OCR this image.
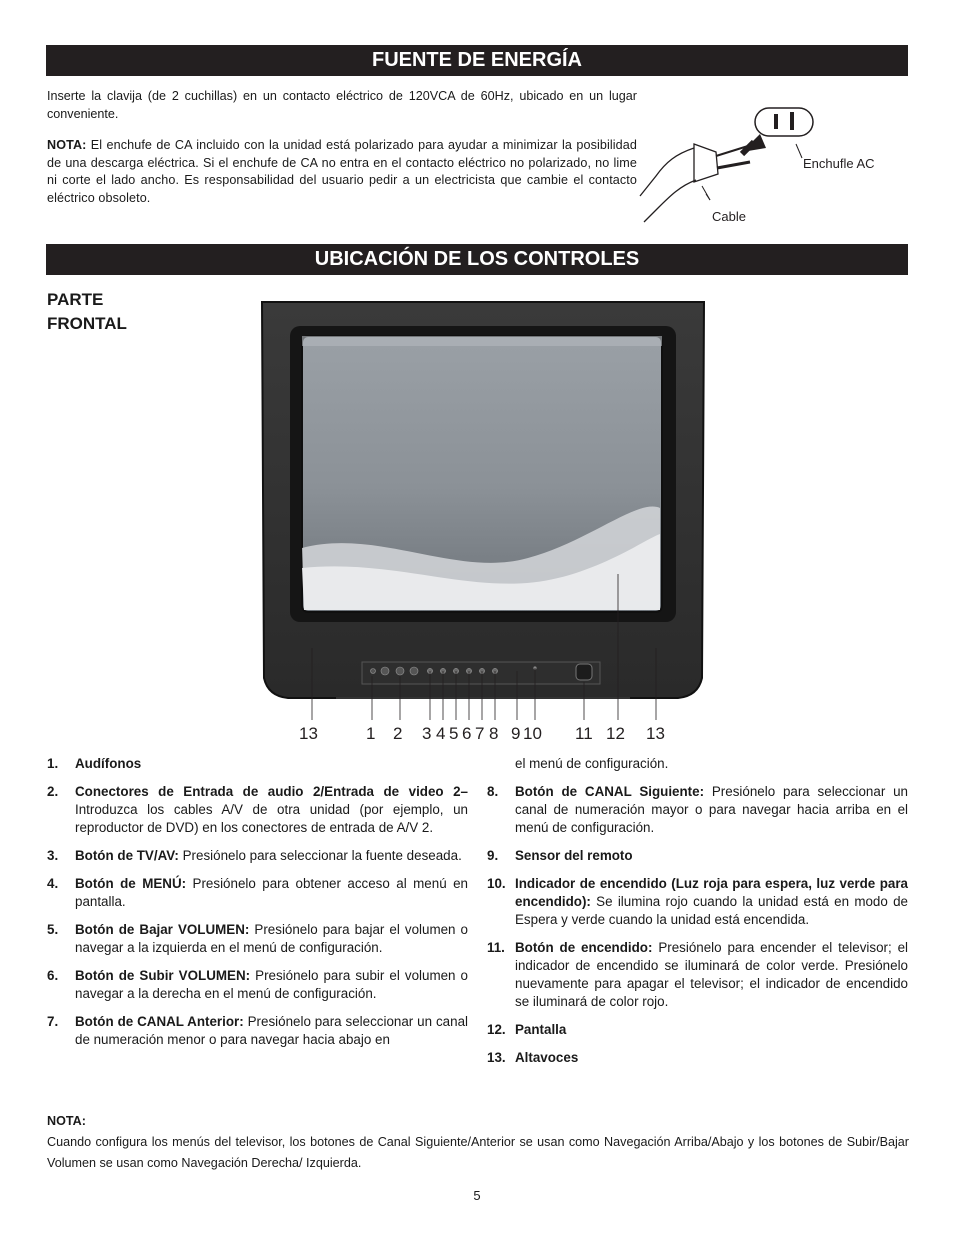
FUENTE DE ENERGÍA
Inserte la clavija (de 2 cuchillas) en un contacto eléctrico de 120VCA de 60Hz, ubicado en un lugar conveniente.
NOTA: El enchufe de CA incluido con la unidad está polarizado para ayudar a minimizar la posibilidad de una descarga eléctrica. Si el enchufe de CA no entra en el contacto eléctrico no polarizado, no lime ni corte el lado ancho. Es responsabilidad del usuario pedir a un electricista que cambie el contacto eléctrico obsoleto.
Enchufle AC
Cable
UBICACIÓN DE LOS CONTROLES
PARTE
FRONTAL
13	1 2 3 4 5 6 7 8 9 10 11 12 13
1.	Audífonos
2.	Conectores de Entrada de audio 2/Entrada de video 2–Introduzca los cables A/V de otra unidad (por ejemplo, un reproductor de DVD) en los conectores de entrada de A/V 2.
3.	Botón de TV/AV: Presiónelo para seleccionar la fuente deseada.
4.	Botón de MENÚ: Presiónelo para obtener acceso al menú en pantalla.
5.	Botón de Bajar VOLUMEN: Presiónelo para bajar el volumen o navegar a la izquierda en el menú de configuración.
6.	Botón de Subir VOLUMEN: Presiónelo para subir el volumen o navegar a la derecha en el menú de configuración.
7.	Botón de CANAL Anterior: Presiónelo para seleccionar un canal de numeración menor o para navegar hacia abajo en
el menú de configuración.
8.	Botón de CANAL Siguiente: Presiónelo para seleccionar un canal de numeración mayor o para navegar hacia arriba en el menú de configuración.
9.	Sensor del remoto
10. Indicador de encendido (Luz roja para espera, luz verde para encendido): Se ilumina rojo cuando la unidad está en modo de Espera y verde cuando la unidad está encendida.
11. Botón de encendido: Presiónelo para encender el televisor; el indicador de encendido se iluminará de color verde. Presiónelo nuevamente para apagar el televisor; el indicador de encendido se iluminará de color rojo.
12. Pantalla
13. Altavoces
NOTA:
Cuando configura los menús del televisor, los botones de Canal Siguiente/Anterior se usan como Navegación Arriba/Abajo y los botones de Subir/Bajar Volumen se usan como Navegación Derecha/ Izquierda.
5
